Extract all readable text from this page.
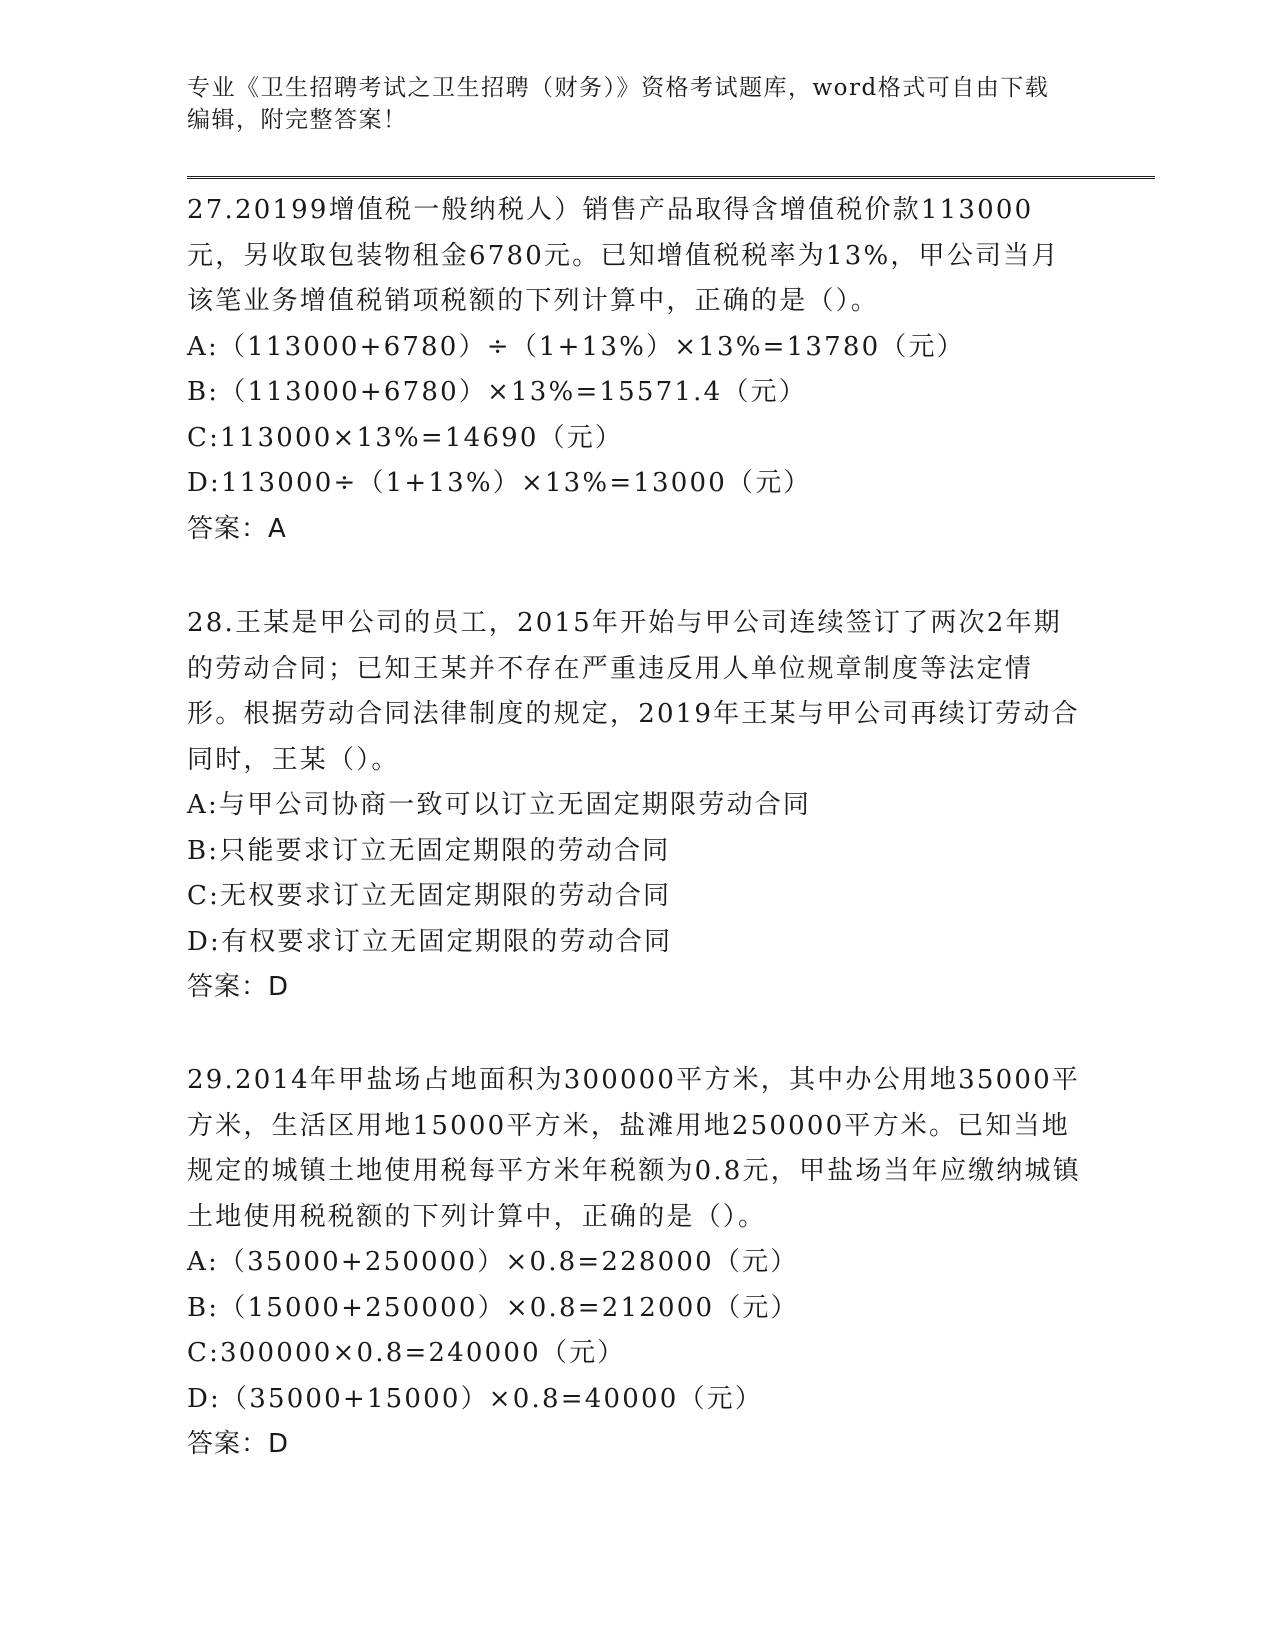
专业《卫生招聘考试之卫生招聘（财务）》资格考试题库，word格式可自由下载
编辑，附完整答案！

27.20199增值税一般纳税人）销售产品取得含增值税价款113000元，另收取包装物租金6780元。已知增值税税率为13%，甲公司当月该笔业务增值税销项税额的下列计算中，正确的是（）。

A:（113000+6780）÷（1+13%）×13%=13780（元）

B:（113000+6780）×13%=15571.4（元）

C:113000×13%=14690（元）

D:113000÷（1+13%）×13%=13000（元）

答案：A

28.王某是甲公司的员工，2015年开始与甲公司连续签订了两次2年期的劳动合同；已知王某并不存在严重违反用人单位规章制度等法定情形。根据劳动合同法律制度的规定，2019年王某与甲公司再续订劳动合同时，王某（）。

A:与甲公司协商一致可以订立无固定期限劳动合同

B:只能要求订立无固定期限的劳动合同

C:无权要求订立无固定期限的劳动合同

D:有权要求订立无固定期限的劳动合同

答案：D

29.2014年甲盐场占地面积为300000平方米，其中办公用地35000平方米，生活区用地15000平方米，盐滩用地250000平方米。已知当地规定的城镇土地使用税每平方米年税额为0.8元，甲盐场当年应缴纳城镇土地使用税税额的下列计算中，正确的是（）。

A:（35000+250000）×0.8=228000（元）

B:（15000+250000）×0.8=212000（元）

C:300000×0.8=240000（元）

D:（35000+15000）×0.8=40000（元）

答案：D
